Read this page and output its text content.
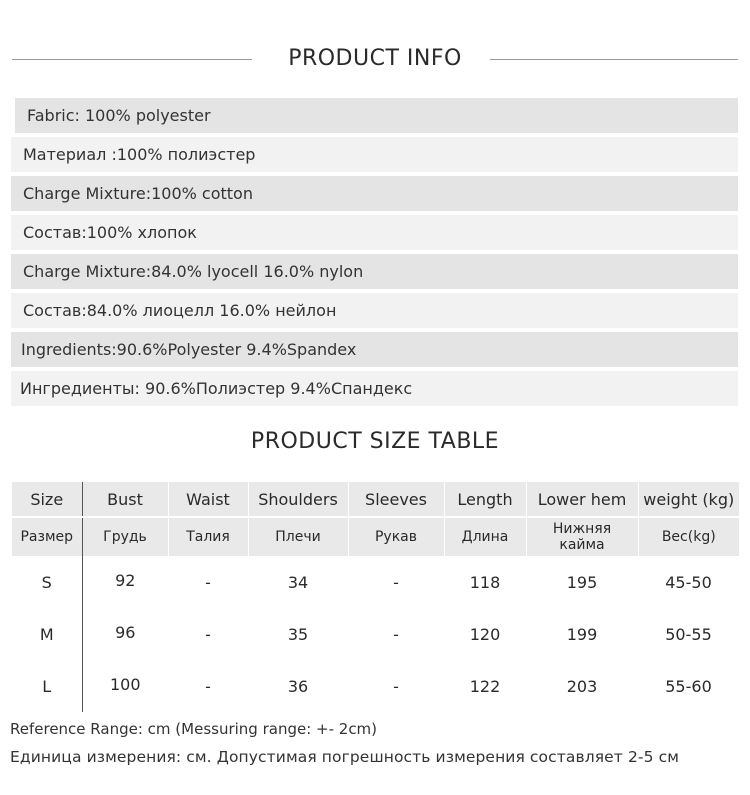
PRODUCT INFO
Fabric: 100% polyester
Материал :100% полиэстер
Charge Mixture:100% cotton
Состав:100% хлопок
Charge Mixture:84.0% lyocell 16.0% nylon
Состав:84.0% лиоцелл 16.0% нейлон
Ingredients:90.6%Polyester 9.4%Spandex
Ингредиенты: 90.6%Полиэстер 9.4%Спандекс
PRODUCT SIZE TABLE
Size	Bust	Waist	Shoulders	Sleeves	Length	Lower hem	weight (kg)
Размер	Грудь	Талия	Плечи	Рукав	Длина	Нижняя кайма	Вес(kg)
S	92	-	34	-	118	195	45-50
M	96	-	35	-	120	199	50-55
L	100	-	36	-	122	203	55-60
Reference Range: cm (Messuring range: +- 2cm)
Единица измерения: см. Допустимая погрешность измерения составляет 2-5 см
